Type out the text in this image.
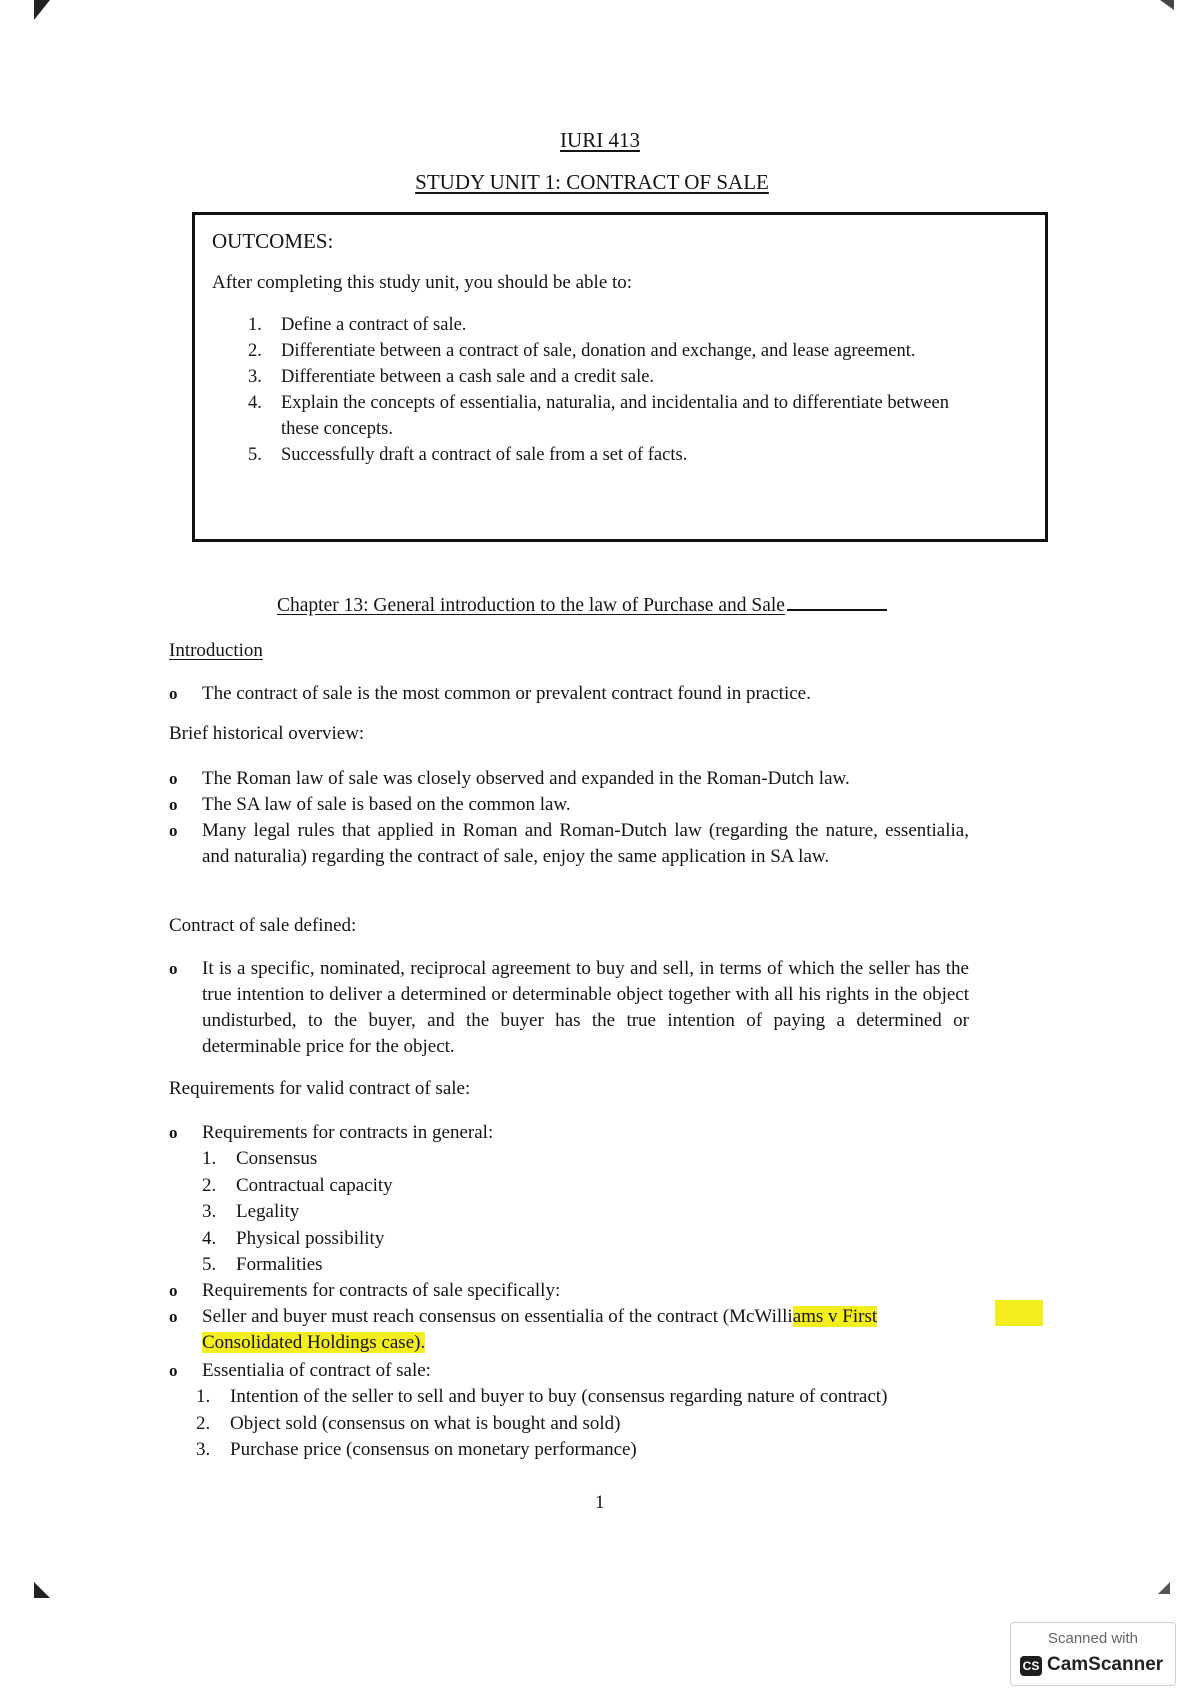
IURI 413
STUDY UNIT 1: CONTRACT OF SALE
OUTCOMES:
After completing this study unit, you should be able to:
1. Define a contract of sale.
2. Differentiate between a contract of sale, donation and exchange, and lease agreement.
3. Differentiate between a cash sale and a credit sale.
4. Explain the concepts of essentialia, naturalia, and incidentalia and to differentiate between these concepts.
5. Successfully draft a contract of sale from a set of facts.
Chapter 13: General introduction to the law of Purchase and Sale
Introduction
o The contract of sale is the most common or prevalent contract found in practice.
Brief historical overview:
o The Roman law of sale was closely observed and expanded in the Roman-Dutch law.
o The SA law of sale is based on the common law.
o Many legal rules that applied in Roman and Roman-Dutch law (regarding the nature, essentialia, and naturalia) regarding the contract of sale, enjoy the same application in SA law.
Contract of sale defined:
o It is a specific, nominated, reciprocal agreement to buy and sell, in terms of which the seller has the true intention to deliver a determined or determinable object together with all his rights in the object undisturbed, to the buyer, and the buyer has the true intention of paying a determined or determinable price for the object.
Requirements for valid contract of sale:
o Requirements for contracts in general:
1. Consensus
2. Contractual capacity
3. Legality
4. Physical possibility
5. Formalities
o Requirements for contracts of sale specifically:
o Seller and buyer must reach consensus on essentialia of the contract (McWilliams v First
Consolidated Holdings case).
o Essentialia of contract of sale:
1. Intention of the seller to sell and buyer to buy (consensus regarding nature of contract)
2. Object sold (consensus on what is bought and sold)
3. Purchase price (consensus on monetary performance)
1
Scanned with
CS CamScanner
